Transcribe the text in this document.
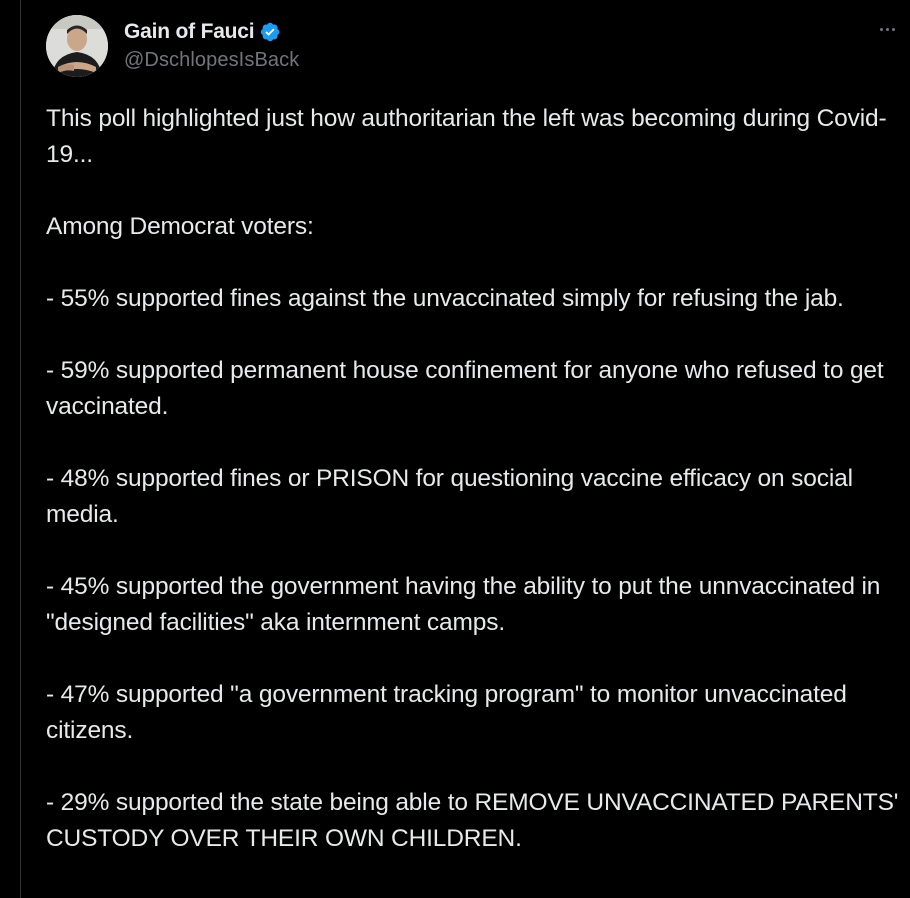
Gain of Fauci
@DschlopesIsBack

This poll highlighted just how authoritarian the left was becoming during Covid-19...

Among Democrat voters:

- 55% supported fines against the unvaccinated simply for refusing the jab.

- 59% supported permanent house confinement for anyone who refused to get vaccinated.

- 48% supported fines or PRISON for questioning vaccine efficacy on social media.

- 45% supported the government having the ability to put the unnvaccinated in "designed facilities" aka internment camps.

- 47% supported "a government tracking program" to monitor unvaccinated citizens.

- 29% supported the state being able to REMOVE UNVACCINATED PARENTS' CUSTODY OVER THEIR OWN CHILDREN.
